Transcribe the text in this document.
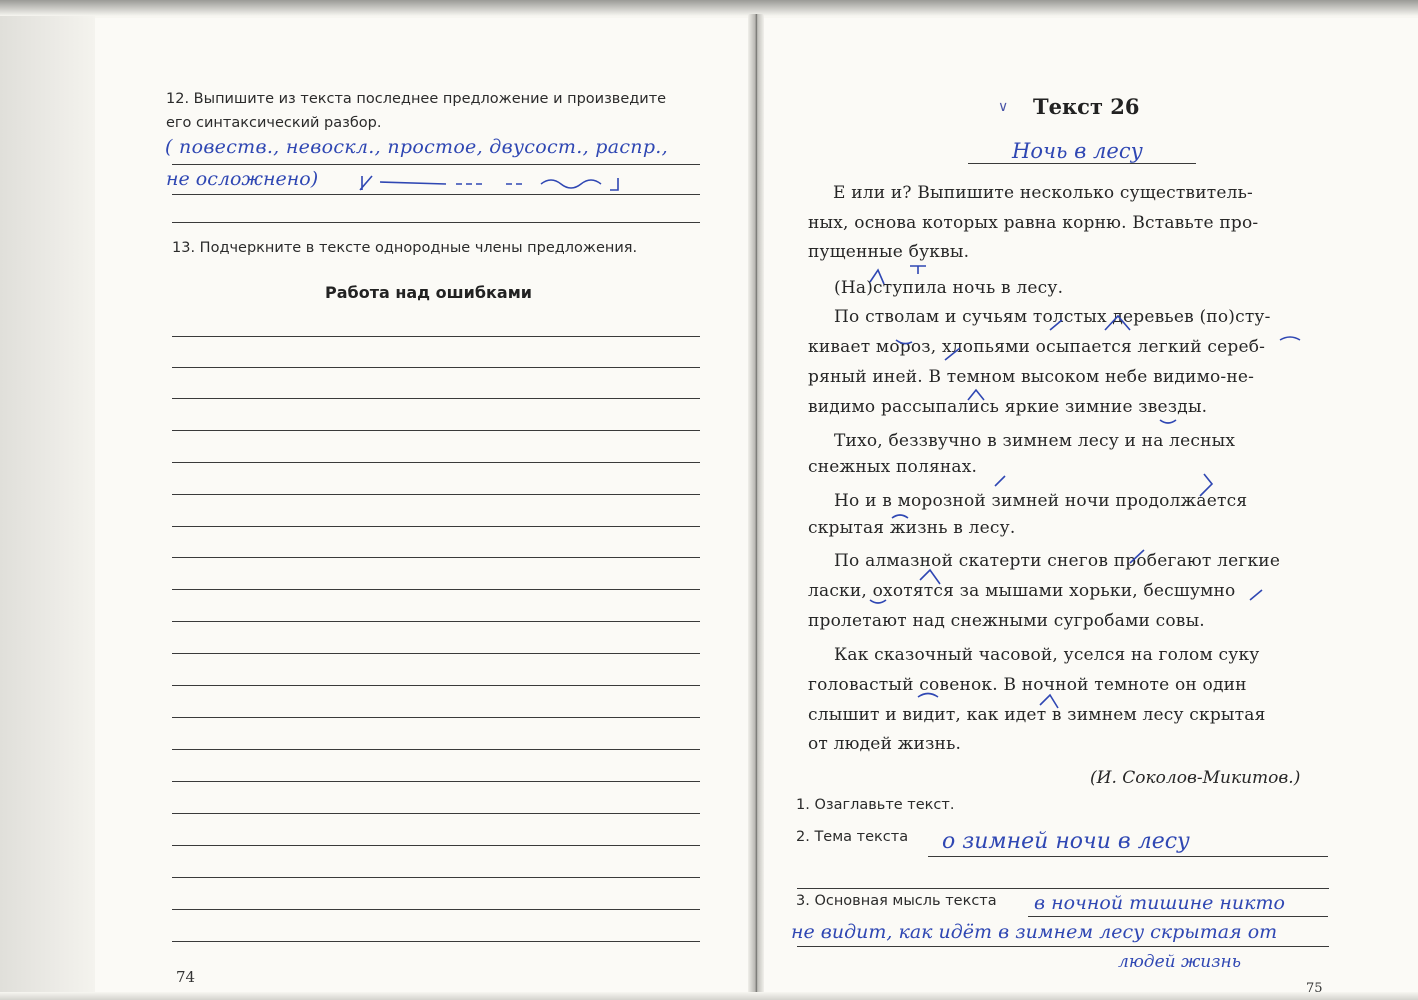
12. Выпишите из текста последнее предложение и произведите
его синтаксический разбор.
( повеств., невоскл., простое, двусост., распр.,
не осложнено)
13. Подчеркните в тексте однородные члены предложения.
Работа над ошибками
74
∨ Текст 26
Ночь в лесу
Е или и? Выпишите несколько существитель-
ных, основа которых равна корню. Вставьте про-
пущенные буквы.
(На)ступила ночь в лесу.
По стволам и сучьям толстых деревьев (по)сту-
кивает мороз, хлопьями осыпается легкий сереб-
ряный иней. В темном высоком небе видимо-не-
видимо рассыпались яркие зимние звезды.
Тихо, беззвучно в зимнем лесу и на лесных
снежных полянах.
Но и в морозной зимней ночи продолжается
скрытая жизнь в лесу.
По алмазной скатерти снегов пробегают легкие
ласки, охотятся за мышами хорьки, бесшумно
пролетают над снежными сугробами совы.
Как сказочный часовой, уселся на голом суку
головастый совенок. В ночной темноте он один
слышит и видит, как идет в зимнем лесу скрытая
от людей жизнь.
(И. Соколов-Микитов.)
1. Озаглавьте текст.
2. Тема текста о зимней ночи в лесу
3. Основная мысль текста в ночной тишине никто
не видит, как идёт в зимнем лесу скрытая от
людей жизнь
75
